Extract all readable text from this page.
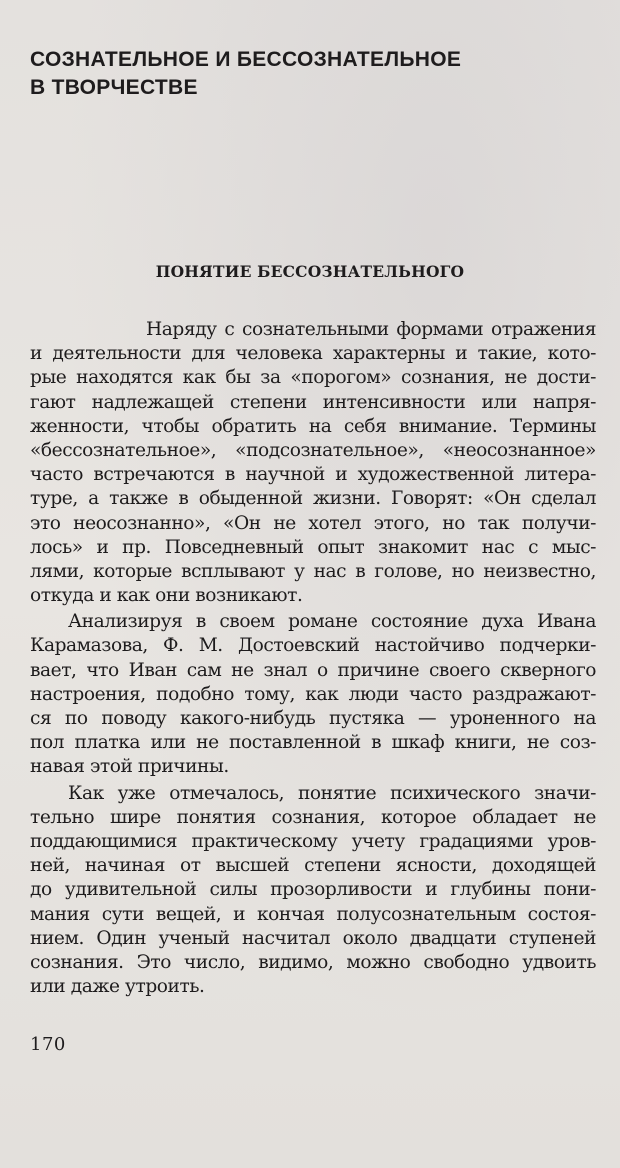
СОЗНАТЕЛЬНОЕ И БЕССОЗНАТЕЛЬНОЕ
В ТВОРЧЕСТВЕ
ПОНЯТИЕ БЕССОЗНАТЕЛЬНОГО
Наряду с сознательными формами отражения
и деятельности для человека характерны и такие, кото-
рые находятся как бы за «порогом» сознания, не дости-
гают надлежащей степени интенсивности или напря-
женности, чтобы обратить на себя внимание. Термины
«бессознательное», «подсознательное», «неосознанное»
часто встречаются в научной и художественной литера-
туре, а также в обыденной жизни. Говорят: «Он сделал
это неосознанно», «Он не хотел этого, но так получи-
лось» и пр. Повседневный опыт знакомит нас с мыс-
лями, которые всплывают у нас в голове, но неизвестно,
откуда и как они возникают.
Анализируя в своем романе состояние духа Ивана
Карамазова, Ф. М. Достоевский настойчиво подчерки-
вает, что Иван сам не знал о причине своего скверного
настроения, подобно тому, как люди часто раздражают-
ся по поводу какого-нибудь пустяка — уроненного на
пол платка или не поставленной в шкаф книги, не соз-
навая этой причины.
Как уже отмечалось, понятие психического значи-
тельно шире понятия сознания, которое обладает не
поддающимися практическому учету градациями уров-
ней, начиная от высшей степени ясности, доходящей
до удивительной силы прозорливости и глубины пони-
мания сути вещей, и кончая полусознательным состоя-
нием. Один ученый насчитал около двадцати ступеней
сознания. Это число, видимо, можно свободно удвоить
или даже утроить.
170
